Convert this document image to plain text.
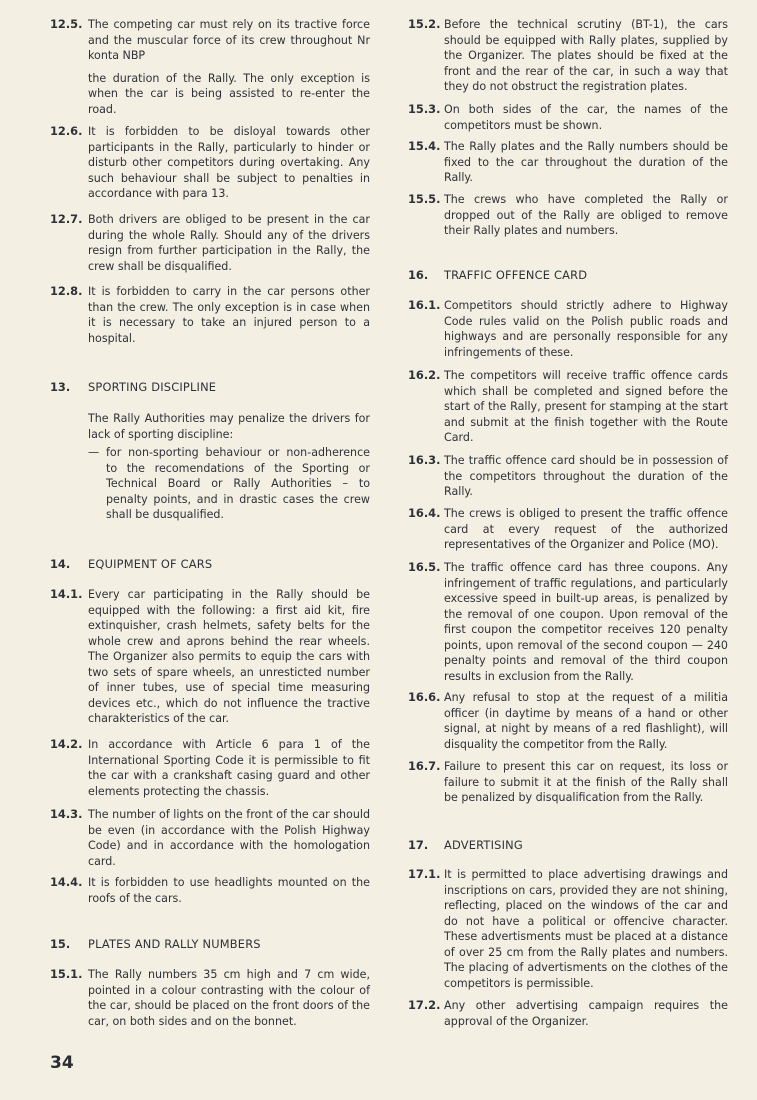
12.5. The competing car must rely on its tractive force and the muscular force of its crew throughout Nr konta NBP

the duration of the Rally. The only exception is when the car is being assisted to re-enter the road.

12.6. It is forbidden to be disloyal towards other participants in the Rally, particularly to hinder or disturb other competitors during overtaking. Any such behaviour shall be subject to penalties in accordance with para 13.
12.7. Both drivers are obliged to be present in the car during the whole Rally. Should any of the drivers resign from further participation in the Rally, the crew shall be disqualified.
12.8. It is forbidden to carry in the car persons other than the crew. The only exception is in case when it is necessary to take an injured person to a hospital.
13. SPORTING DISCIPLINE

The Rally Authorities may penalize the drivers for lack of sporting discipline:

— for non-sporting behaviour or non-adherence to the recomendations of the Sporting or Technical Board or Rally Authorities – to penalty points, and in drastic cases the crew shall be dusqualified.
14. EQUIPMENT OF CARS
14.1. Every car participating in the Rally should be equipped with the following: a first aid kit, fire extinquisher, crash helmets, safety belts for the whole crew and aprons behind the rear wheels. The Organizer also permits to equip the cars with two sets of spare wheels, an unresticted number of inner tubes, use of special time measuring devices etc., which do not influence the tractive charakteristics of the car.
14.2. In accordance with Article 6 para 1 of the International Sporting Code it is permissible to fit the car with a crankshaft casing guard and other elements protecting the chassis.
14.3. The number of lights on the front of the car should be even (in accordance with the Polish Highway Code) and in accordance with the homologation card.
14.4. It is forbidden to use headlights mounted on the roofs of the cars.
15. PLATES AND RALLY NUMBERS
15.1. The Rally numbers 35 cm high and 7 cm wide, pointed in a colour contrasting with the colour of the car, should be placed on the front doors of the car, on both sides and on the bonnet.
15.2. Before the technical scrutiny (BT-1), the cars should be equipped with Rally plates, supplied by the Organizer. The plates should be fixed at the front and the rear of the car, in such a way that they do not obstruct the registration plates.
15.3. On both sides of the car, the names of the competitors must be shown.
15.4. The Rally plates and the Rally numbers should be fixed to the car throughout the duration of the Rally.
15.5. The crews who have completed the Rally or dropped out of the Rally are obliged to remove their Rally plates and numbers.
16. TRAFFIC OFFENCE CARD
16.1. Competitors should strictly adhere to Highway Code rules valid on the Polish public roads and highways and are personally responsible for any infringements of these.
16.2. The competitors will receive traffic offence cards which shall be completed and signed before the start of the Rally, present for stamping at the start and submit at the finish together with the Route Card.
16.3. The traffic offence card should be in possession of the competitors throughout the duration of the Rally.
16.4. The crews is obliged to present the traffic offence card at every request of the authorized representatives of the Organizer and Police (MO).
16.5. The traffic offence card has three coupons. Any infringement of traffic regulations, and particularly excessive speed in built-up areas, is penalized by the removal of one coupon. Upon removal of the first coupon the competitor receives 120 penalty points, upon removal of the second coupon — 240 penalty points and removal of the third coupon results in exclusion from the Rally.
16.6. Any refusal to stop at the request of a militia officer (in daytime by means of a hand or other signal, at night by means of a red flashlight), will disquality the competitor from the Rally.
16.7. Failure to present this car on request, its loss or failure to submit it at the finish of the Rally shall be penalized by disqualification from the Rally.
17. ADVERTISING
17.1. It is permitted to place advertising drawings and inscriptions on cars, provided they are not shining, reflecting, placed on the windows of the car and do not have a political or offencive character. These advertisments must be placed at a distance of over 25 cm from the Rally plates and numbers. The placing of advertisments on the clothes of the competitors is permissible.
17.2. Any other advertising campaign requires the approval of the Organizer.
34
